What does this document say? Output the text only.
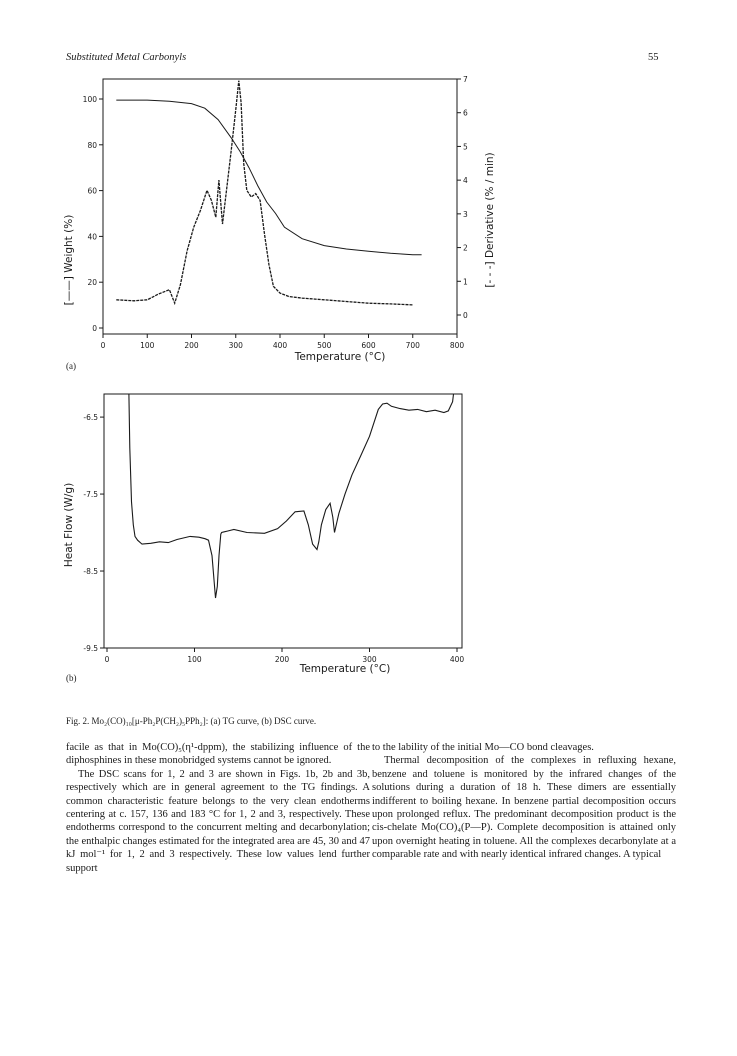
Substituted Metal Carbonyls	55
0	100	200	300	400	500	600	700	800
0
20
40
60
80
100
0
1
2
3
4
5
6
7
Temperature (°C)
[——] Weight (%)	[- - -] Derivative (% / min)
(a)
0	100	200	300	400
-6.5
-7.5
-8.5
-9.5
Temperature (°C)
Heat Flow (W/g)
(b)
Fig. 2. Mo₂(CO)₁₀[μ-Ph₂P(CH₂)₅PPh₂]: (a) TG curve, (b) DSC curve.

facile as that in Mo(CO)₅(η¹-dppm), the stabilizing influence of the diphosphines in these monobridged systems cannot be ignored.

The DSC scans for 1, 2 and 3 are shown in Figs. 1b, 2b and 3b, respectively which are in general agreement to the TG findings. A common characteristic feature belongs to the very clean endotherms centering at c. 157, 136 and 183 °C for 1, 2 and 3, respectively. These endotherms correspond to the concurrent melting and decarbonylation; the enthalpic changes estimated for the integrated area are 45, 30 and 47 kJ mol⁻¹ for 1, 2 and 3 respectively. These low values lend further support

to the lability of the initial Mo—CO bond cleavages.

Thermal decomposition of the complexes in refluxing hexane, benzene and toluene is monitored by the infrared changes of the solutions during a duration of 18 h. These dimers are essentially indifferent to boiling hexane. In benzene partial decomposition occurs upon prolonged reflux. The predominant decomposition product is the cis-chelate Mo(CO)₄(P—P). Complete decomposition is attained only upon overnight heating in toluene. All the complexes decarbonylate at a comparable rate and with nearly identical infrared changes. A typical
